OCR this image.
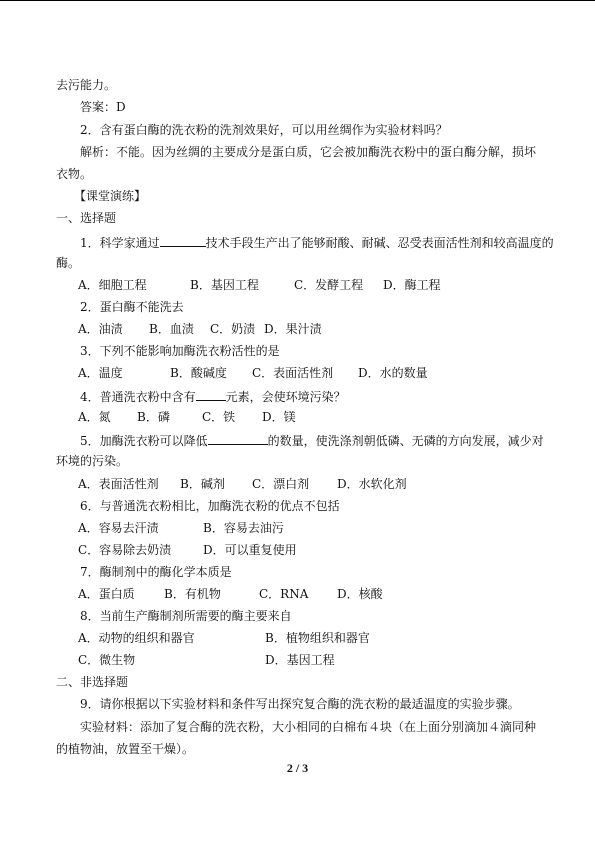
去污能力。
答案：D
2．含有蛋白酶的洗衣粉的洗剂效果好，可以用丝绸作为实验材料吗？
解析：不能。因为丝绸的主要成分是蛋白质，它会被加酶洗衣粉中的蛋白酶分解，损坏
衣物。
【课堂演练】
一、选择题
1．科学家通过	技术手段生产出了能够耐酸、耐碱、忍受表面活性剂和较高温度的
酶。
A．细胞工程	B．基因工程	C．发酵工程 D．酶工程
2．蛋白酶不能洗去
A．油渍 B．血渍 C．奶渍 D．果汁渍
3．下列不能影响加酶洗衣粉活性的是
A．温度	B．酸碱度 C．表面活性剂 D．水的数量
4．普通洗衣粉中含有	元素，会使环境污染？
A．氮 B．磷	C．铁 D．镁
5．加酶洗衣粉可以降低	的数量，使洗涤剂朝低磷、无磷的方向发展，减少对
环境的污染。
A．表面活性剂 B．碱剂 C．漂白剂 D．水软化剂
6．与普通洗衣粉相比，加酶洗衣粉的优点不包括
A．容易去汗渍	B．容易去油污
C．容易除去奶渍	D．可以重复使用
7．酶制剂中的酶化学本质是
A．蛋白质 B．有机物	C．RNA D．核酸
8．当前生产酶制剂所需要的酶主要来自
A．动物的组织和器官	B．植物组织和器官
C．微生物	D．基因工程
二、非选择题
9．请你根据以下实验材料和条件写出探究复合酶的洗衣粉的最适温度的实验步骤。
实验材料：添加了复合酶的洗衣粉，大小相同的白棉布４块（在上面分别滴加４滴同种
的植物油，放置至干燥）。
2 / 3
